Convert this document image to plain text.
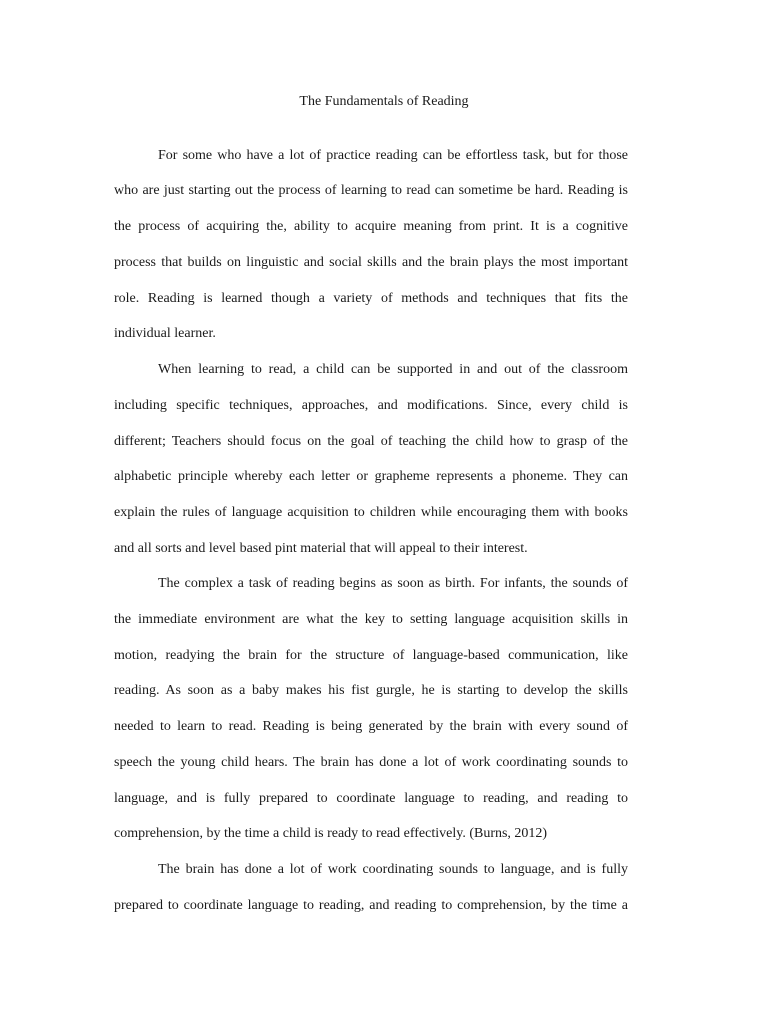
The Fundamentals of Reading
For some who have a lot of practice reading can be effortless task, but for those
who are just starting out the process of learning to read can sometime be hard. Reading is
the process of acquiring the, ability to acquire meaning from print. It is a cognitive
process that builds on linguistic and social skills and the brain plays the most important
role. Reading is learned though a variety of methods and techniques that fits the
individual learner.
When learning to read, a child can be supported in and out of the classroom
including specific techniques, approaches, and modifications. Since, every child is
different; Teachers should focus on the goal of teaching the child how to grasp of the
alphabetic principle whereby each letter or grapheme represents a phoneme. They can
explain the rules of language acquisition to children while encouraging them with books
and all sorts and level based pint material that will appeal to their interest.
The complex a task of reading begins as soon as birth. For infants, the sounds of
the immediate environment are what the key to setting language acquisition skills in
motion, readying the brain for the structure of language-based communication, like
reading. As soon as a baby makes his fist gurgle, he is starting to develop the skills
needed to learn to read. Reading is being generated by the brain with every sound of
speech the young child hears. The brain has done a lot of work coordinating sounds to
language, and is fully prepared to coordinate language to reading, and reading to
comprehension, by the time a child is ready to read effectively. (Burns, 2012)
The brain has done a lot of work coordinating sounds to language, and is fully
prepared to coordinate language to reading, and reading to comprehension, by the time a
